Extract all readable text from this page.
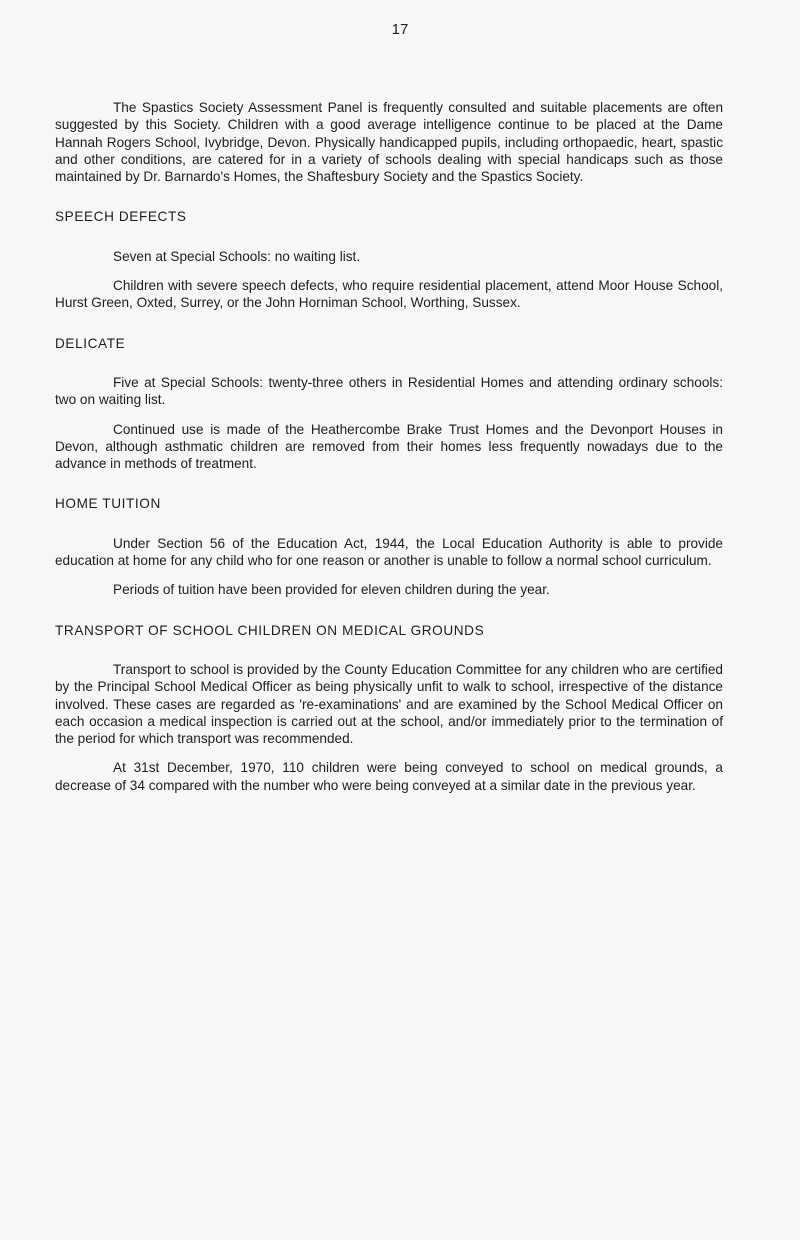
17

The Spastics Society Assessment Panel is frequently consulted and suitable placements are often suggested by this Society. Children with a good average intelligence continue to be placed at the Dame Hannah Rogers School, Ivybridge, Devon. Physically handicapped pupils, including orthopaedic, heart, spastic and other conditions, are catered for in a variety of schools dealing with special handicaps such as those maintained by Dr. Barnardo's Homes, the Shaftesbury Society and the Spastics Society.

SPEECH DEFECTS

Seven at Special Schools: no waiting list.

Children with severe speech defects, who require residential placement, attend Moor House School, Hurst Green, Oxted, Surrey, or the John Horniman School, Worthing, Sussex.

DELICATE

Five at Special Schools: twenty-three others in Residential Homes and attending ordinary schools: two on waiting list.

Continued use is made of the Heathercombe Brake Trust Homes and the Devonport Houses in Devon, although asthmatic children are removed from their homes less frequently nowadays due to the advance in methods of treatment.

HOME TUITION

Under Section 56 of the Education Act, 1944, the Local Education Authority is able to provide education at home for any child who for one reason or another is unable to follow a normal school curriculum.

Periods of tuition have been provided for eleven children during the year.

TRANSPORT OF SCHOOL CHILDREN ON MEDICAL GROUNDS

Transport to school is provided by the County Education Committee for any children who are certified by the Principal School Medical Officer as being physically unfit to walk to school, irrespective of the distance involved. These cases are regarded as 're-examinations' and are examined by the School Medical Officer on each occasion a medical inspection is carried out at the school, and/or immediately prior to the termination of the period for which transport was recommended.

At 31st December, 1970, 110 children were being conveyed to school on medical grounds, a decrease of 34 compared with the number who were being conveyed at a similar date in the previous year.
